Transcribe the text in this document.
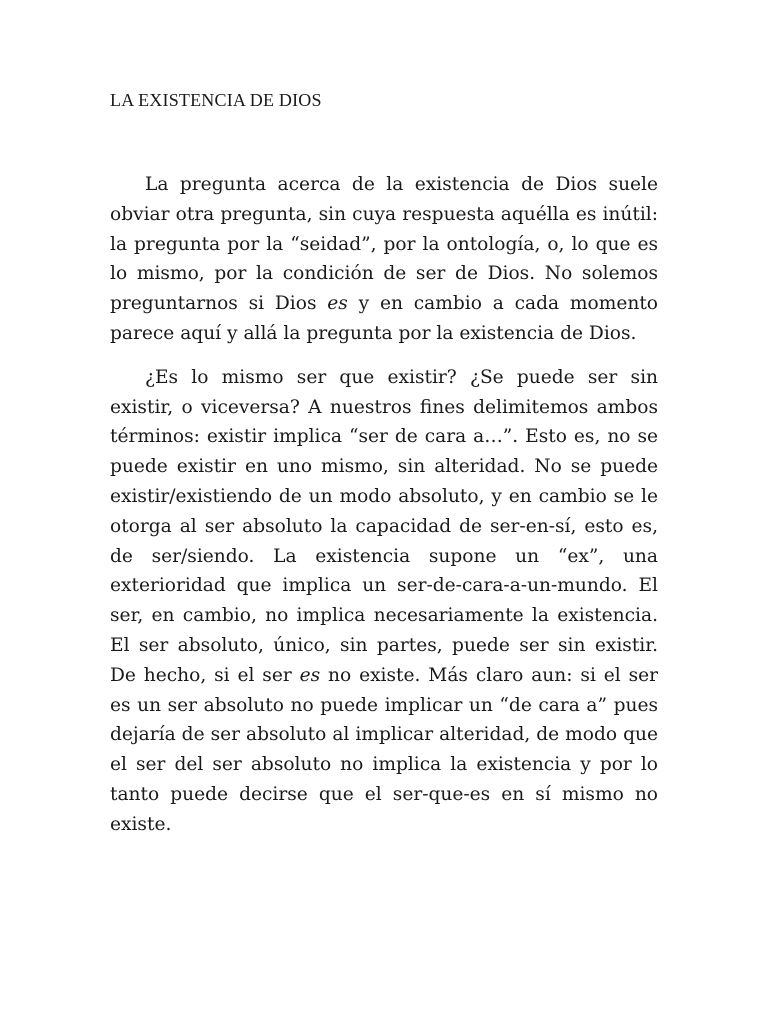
LA EXISTENCIA DE DIOS

La pregunta acerca de la existencia de Dios suele obviar otra pregunta, sin cuya respuesta aquélla es inútil: la pregunta por la “seidad”, por la ontología, o, lo que es lo mismo, por la condición de ser de Dios. No solemos preguntarnos si Dios es y en cambio a cada momento parece aquí y allá la pregunta por la existencia de Dios.

¿Es lo mismo ser que existir? ¿Se puede ser sin existir, o viceversa? A nuestros fines delimitemos ambos términos: existir implica “ser de cara a…”. Esto es, no se puede existir en uno mismo, sin alteridad. No se puede existir/existiendo de un modo absoluto, y en cambio se le otorga al ser absoluto la capacidad de ser-en-sí, esto es, de ser/siendo. La existencia supone un “ex”, una exterioridad que implica un ser-de-cara-a-un-mundo. El ser, en cambio, no implica necesariamente la existencia. El ser absoluto, único, sin partes, puede ser sin existir. De hecho, si el ser es no existe. Más claro aun: si el ser es un ser absoluto no puede implicar un “de cara a” pues dejaría de ser absoluto al implicar alteridad, de modo que el ser del ser absoluto no implica la existencia y por lo tanto puede decirse que el ser-que-es en sí mismo no existe.
